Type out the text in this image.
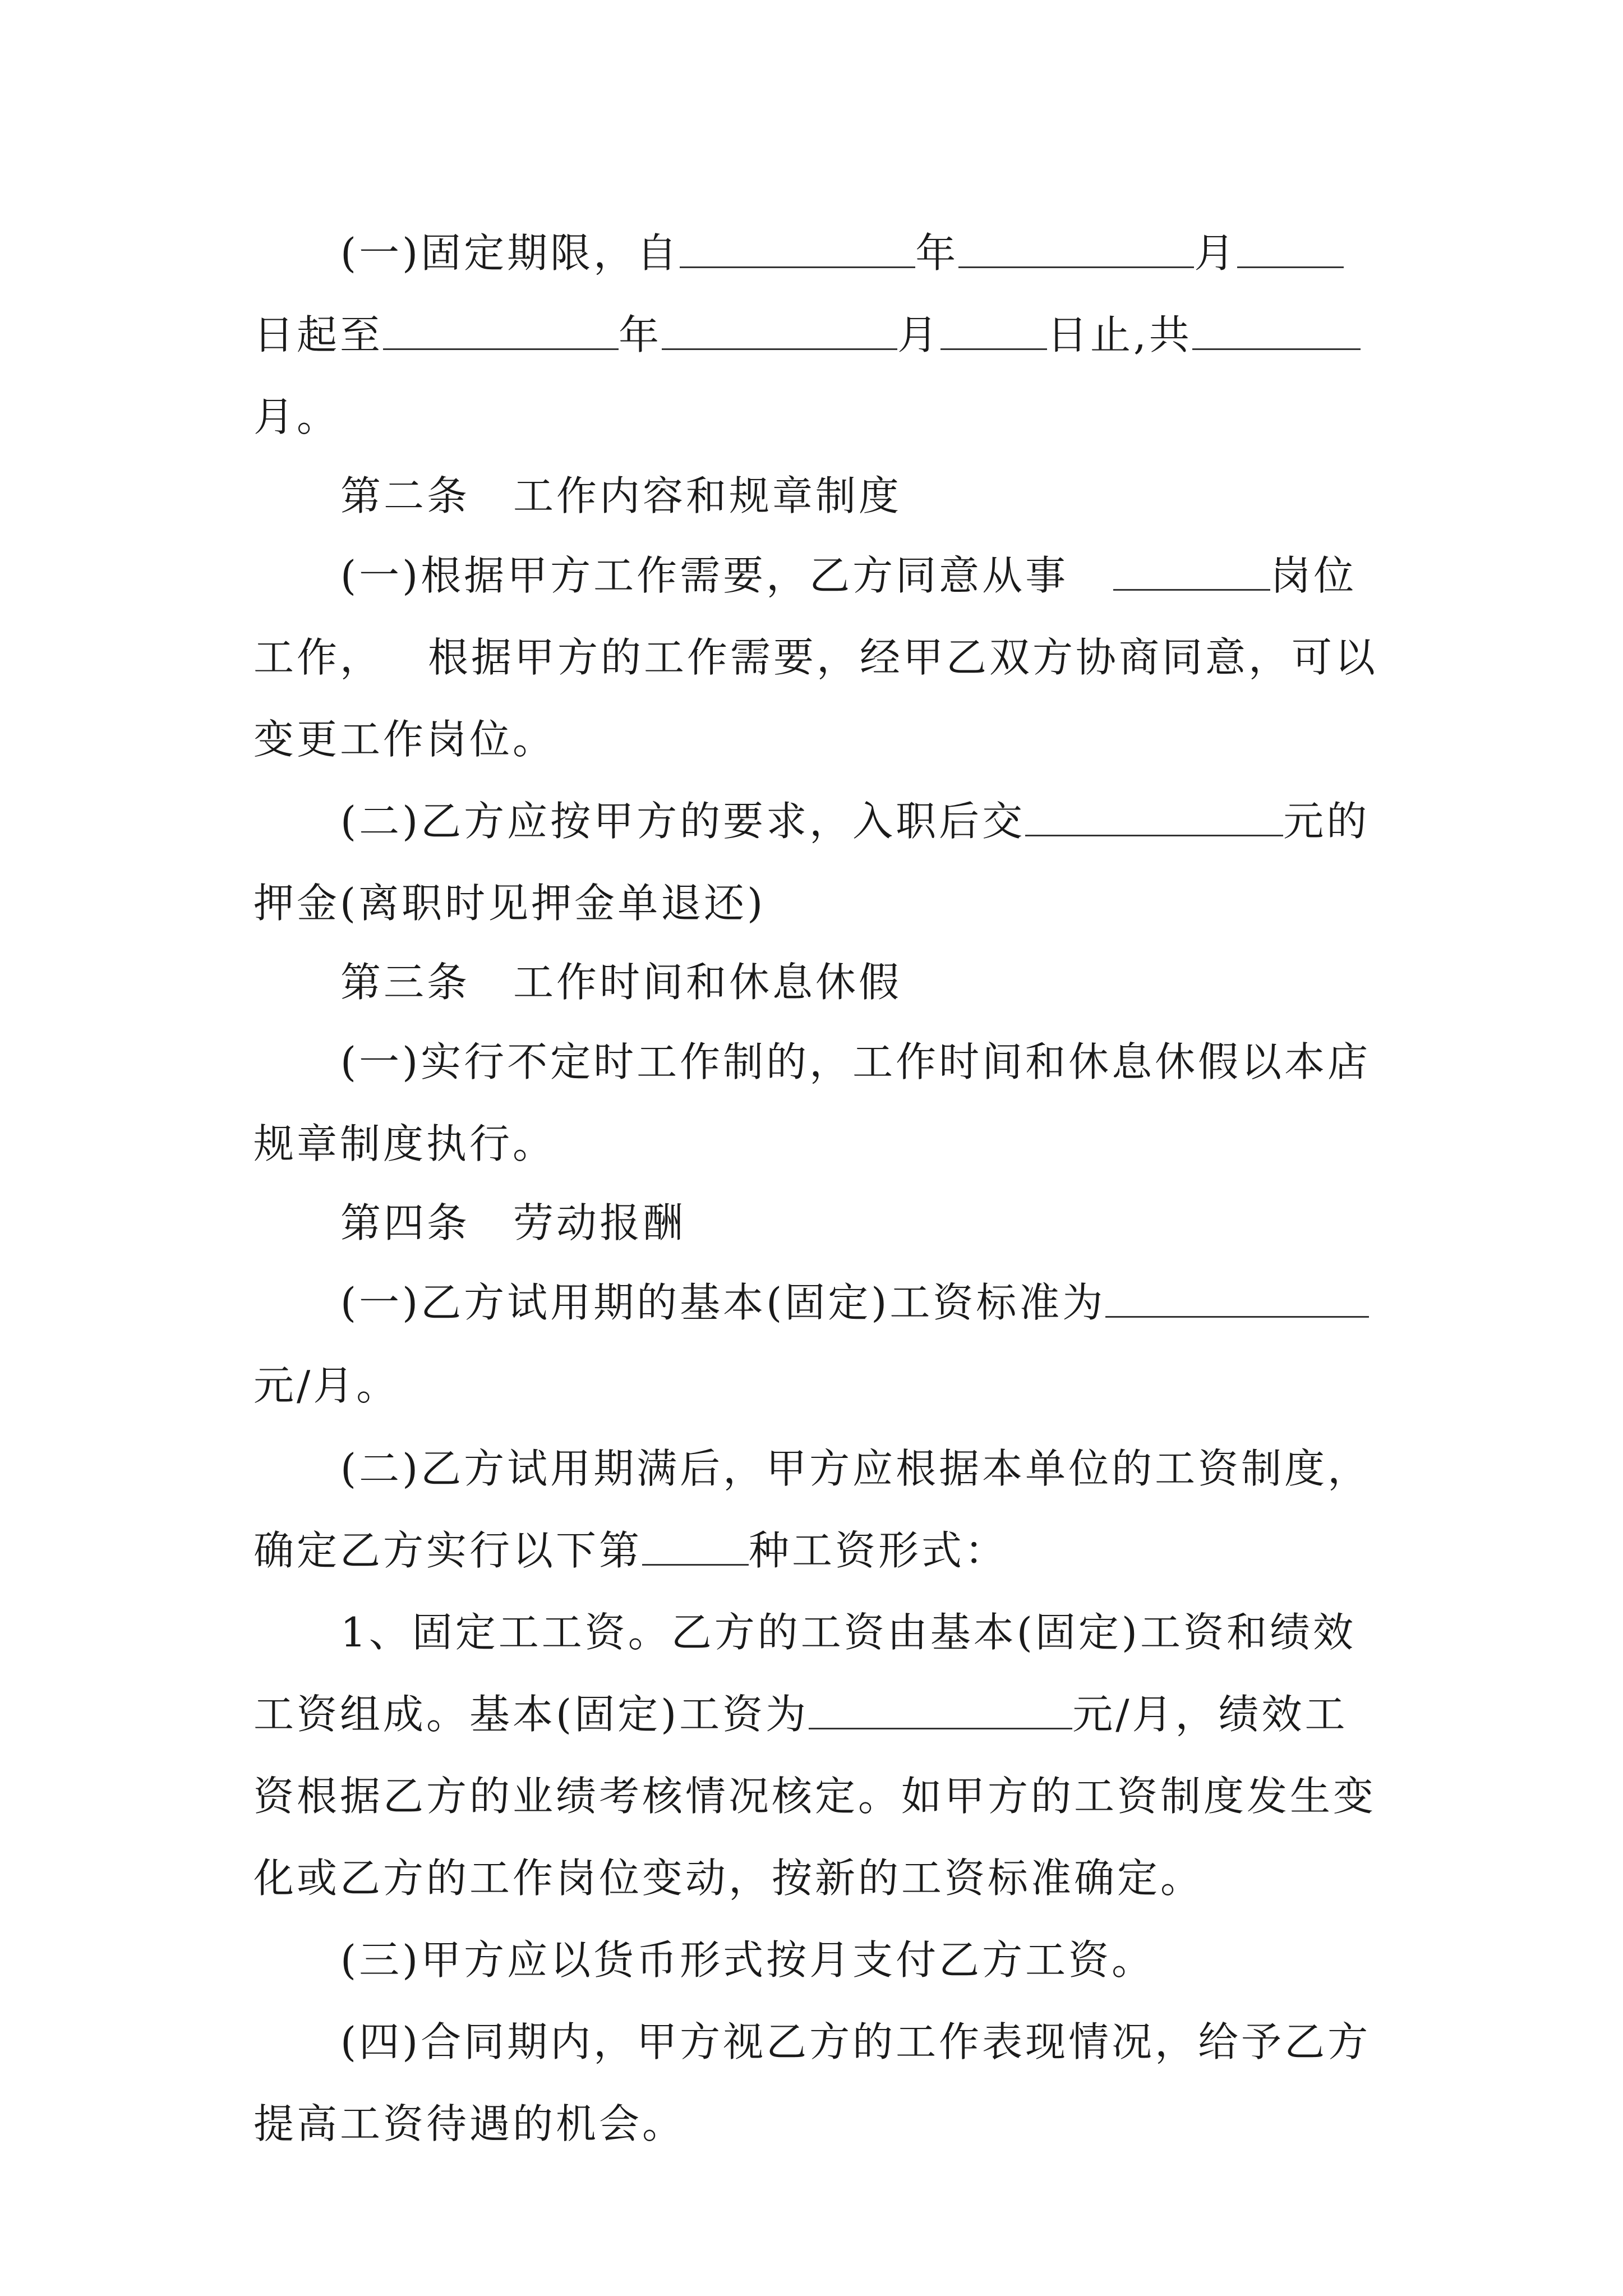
(一)固定期限，自	年	月
日起至	年	月	日止,共
月。
第二条　工作内容和规章制度
(一)根据甲方工作需要，乙方同意从事	岗位
工作， 根据甲方的工作需要，经甲乙双方协商同意，可以
变更工作岗位。
(二)乙方应按甲方的要求，入职后交	元的
押金(离职时见押金单退还)
第三条　工作时间和休息休假
(一)实行不定时工作制的，工作时间和休息休假以本店
规章制度执行。
第四条　劳动报酬
(一)乙方试用期的基本(固定)工资标准为
元/月。
(二)乙方试用期满后，甲方应根据本单位的工资制度，
确定乙方实行以下第	种工资形式：
1、固定工工资。乙方的工资由基本(固定)工资和绩效
工资组成。基本(固定)工资为	元/月，绩效工
资根据乙方的业绩考核情况核定。如甲方的工资制度发生变
化或乙方的工作岗位变动，按新的工资标准确定。
(三)甲方应以货币形式按月支付乙方工资。
(四)合同期内，甲方视乙方的工作表现情况，给予乙方
提高工资待遇的机会。
